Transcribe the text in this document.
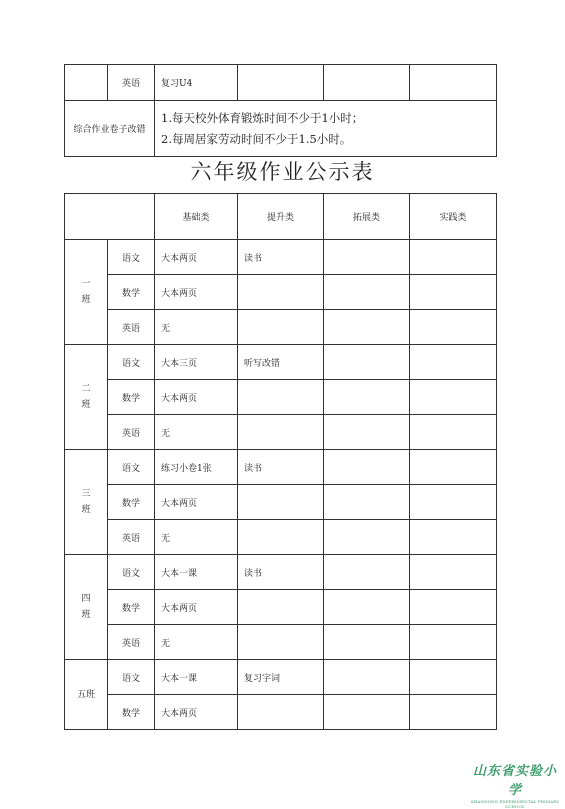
	英语	复习U4			
综合作业卷子改错		1.每天校外体育锻炼时间不少于1小时；
2.每周居家劳动时间不少于1.5小时。			
六年级作业公示表
		基础类	提升类	拓展类	实践类
一
班	语文	大本两页	读书		
	数学	大本两页			
	英语	无			
二
班	语文	大本三页	听写改错		
	数学	大本两页			
	英语	无			
三
班	语文	练习小卷1张	读书		
	数学	大本两页			
	英语	无			
四
班	语文	大本一课	读书		
	数学	大本两页			
	英语	无			
五班	语文	大本一课	复习字词		
	数学	大本两页			
山东省实验小学
SHANDONG EXPERIMENTAL PRIMARY SCHOOL
